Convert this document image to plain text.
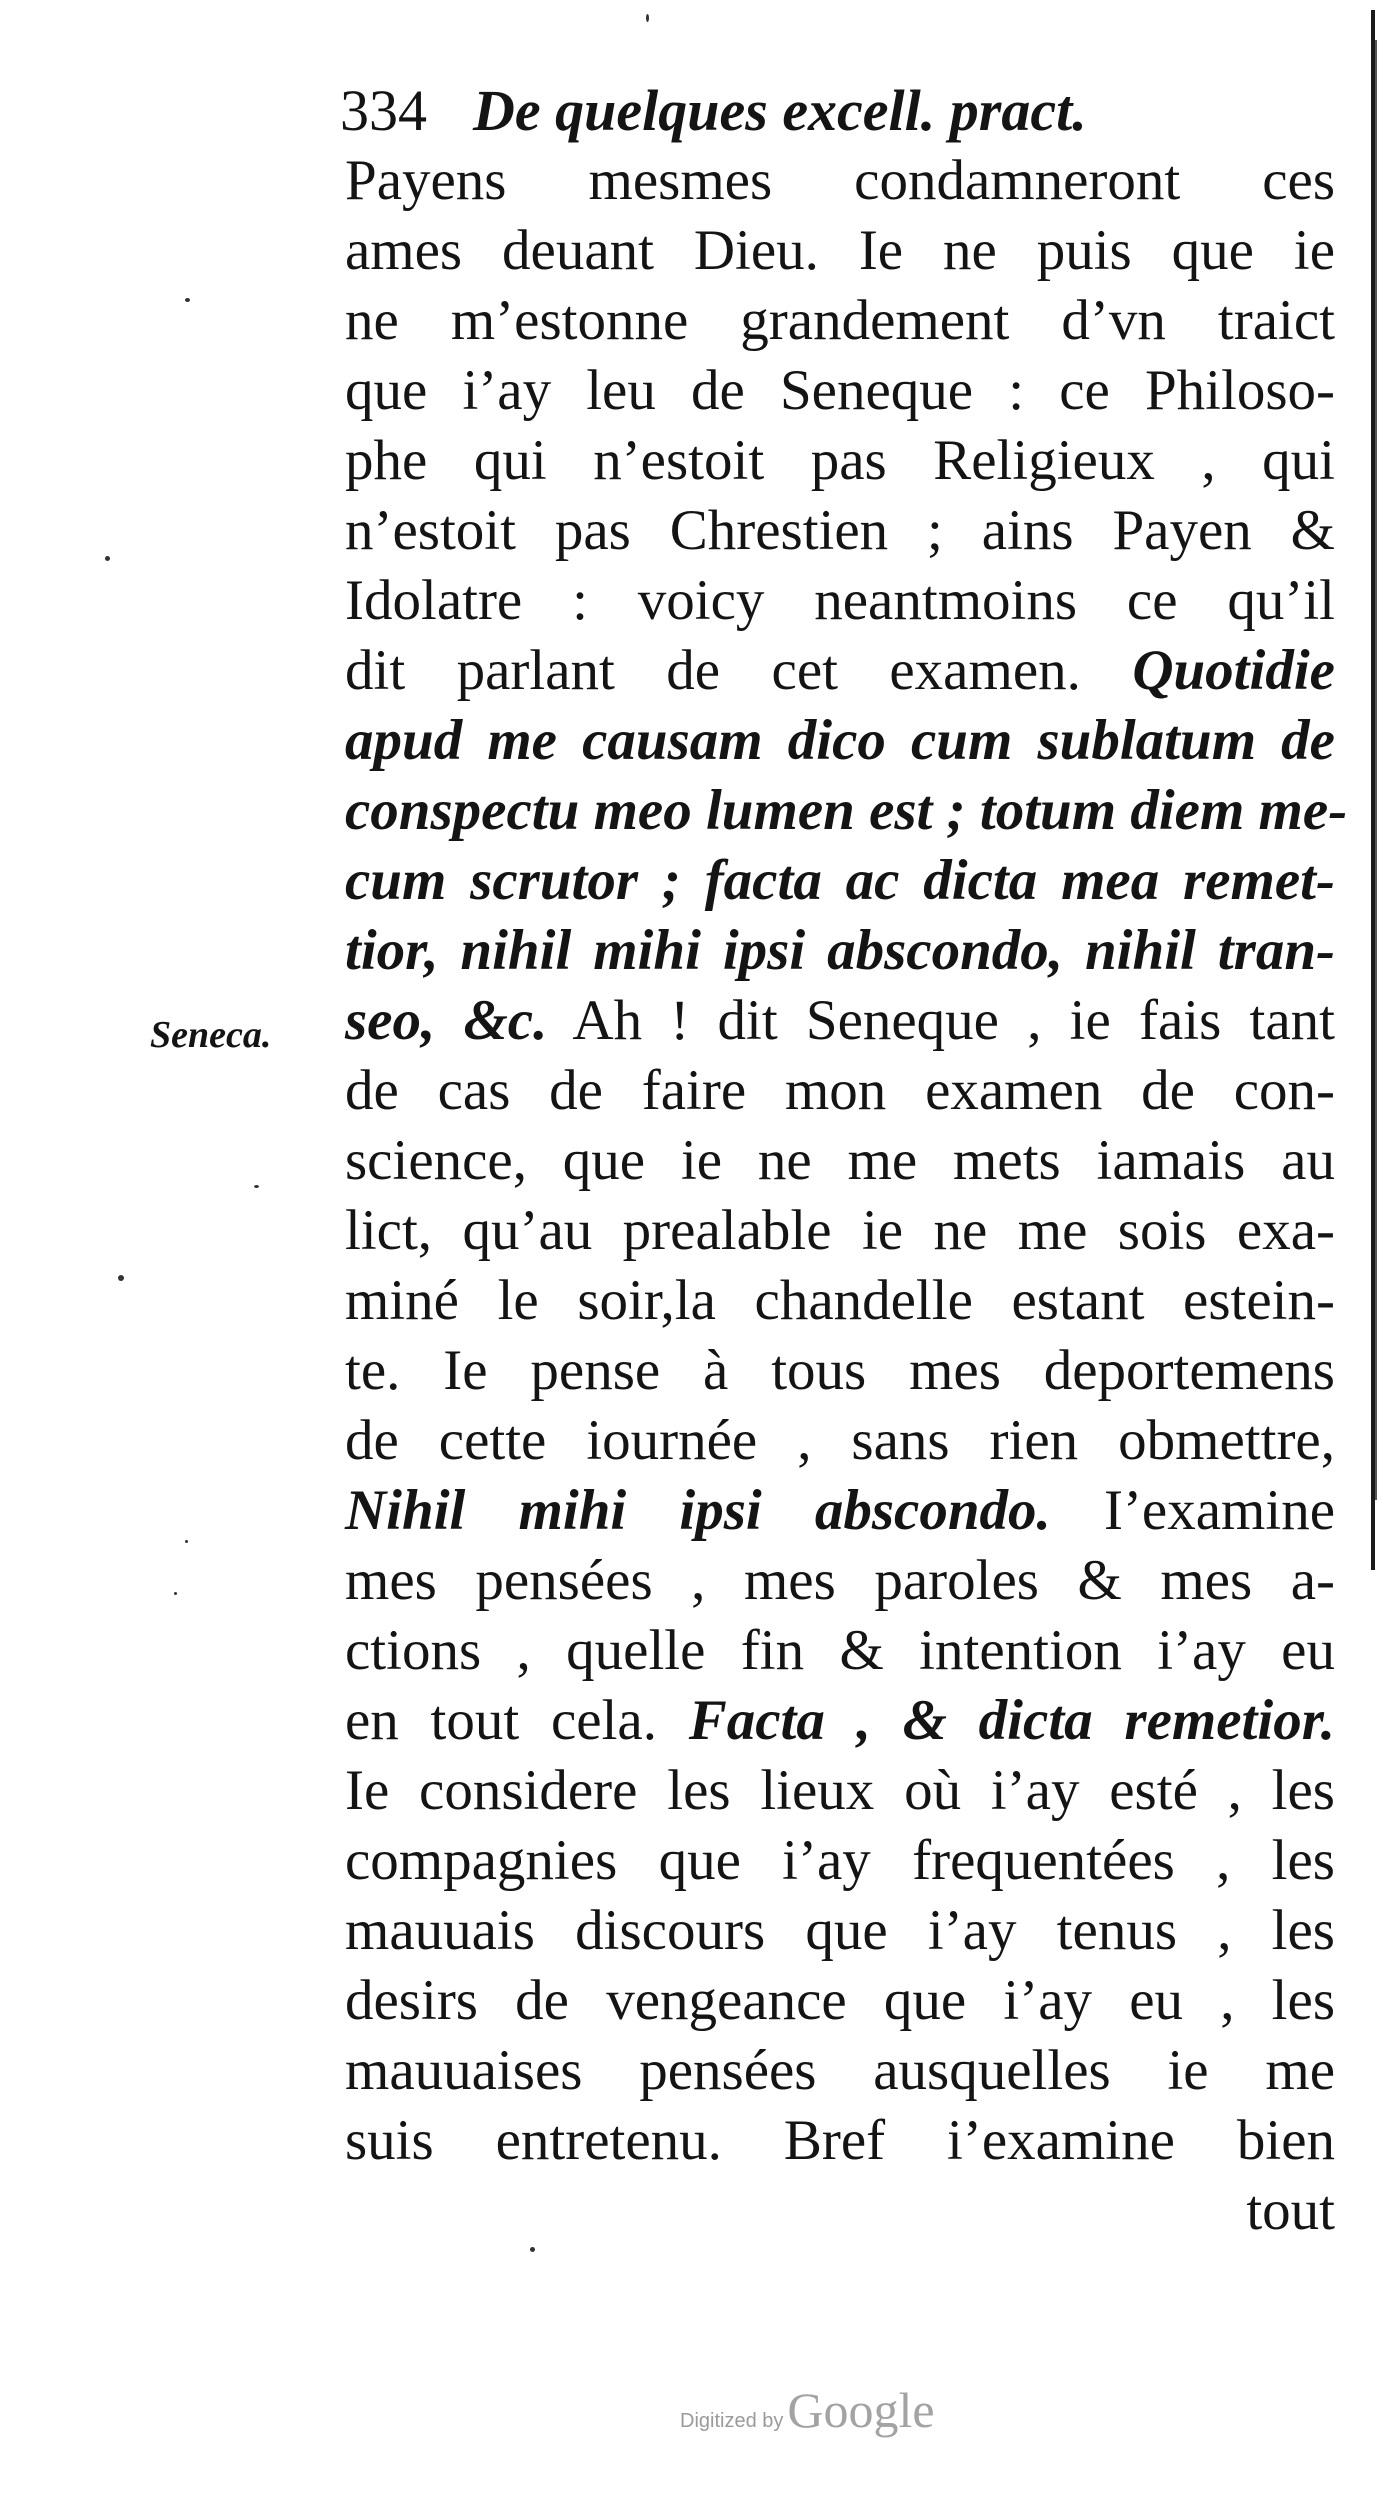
334 De quelques excell. pract.
Seneca.
Payens mesmes condamneront ces
ames deuant Dieu. Ie ne puis que ie
ne m’estonne grandement d’vn traict
que i’ay leu de Seneque : ce Philoso-
phe qui n’estoit pas Religieux , qui
n’estoit pas Chrestien ; ains Payen &
Idolatre : voicy neantmoins ce qu’il
dit parlant de cet examen. Quotidie
apud me causam dico cum sublatum de
conspectu meo lumen est ; totum diem me-
cum scrutor ; facta ac dicta mea remet-
tior, nihil mihi ipsi abscondo, nihil tran-
seo, &c. Ah ! dit Seneque , ie fais tant
de cas de faire mon examen de con-
science, que ie ne me mets iamais au
lict, qu’au prealable ie ne me sois exa-
miné le soir,la chandelle estant estein-
te. Ie pense à tous mes deportemens
de cette iournée , sans rien obmettre,
Nihil mihi ipsi abscondo. I’examine
mes pensées , mes paroles & mes a-
ctions , quelle fin & intention i’ay eu
en tout cela. Facta , & dicta remetior.
Ie considere les lieux où i’ay esté , les
compagnies que i’ay frequentées , les
mauuais discours que i’ay tenus , les
desirs de vengeance que i’ay eu , les
mauuaises pensées ausquelles ie me
suis entretenu. Bref i’examine bien
tout
Digitized byGoogle
